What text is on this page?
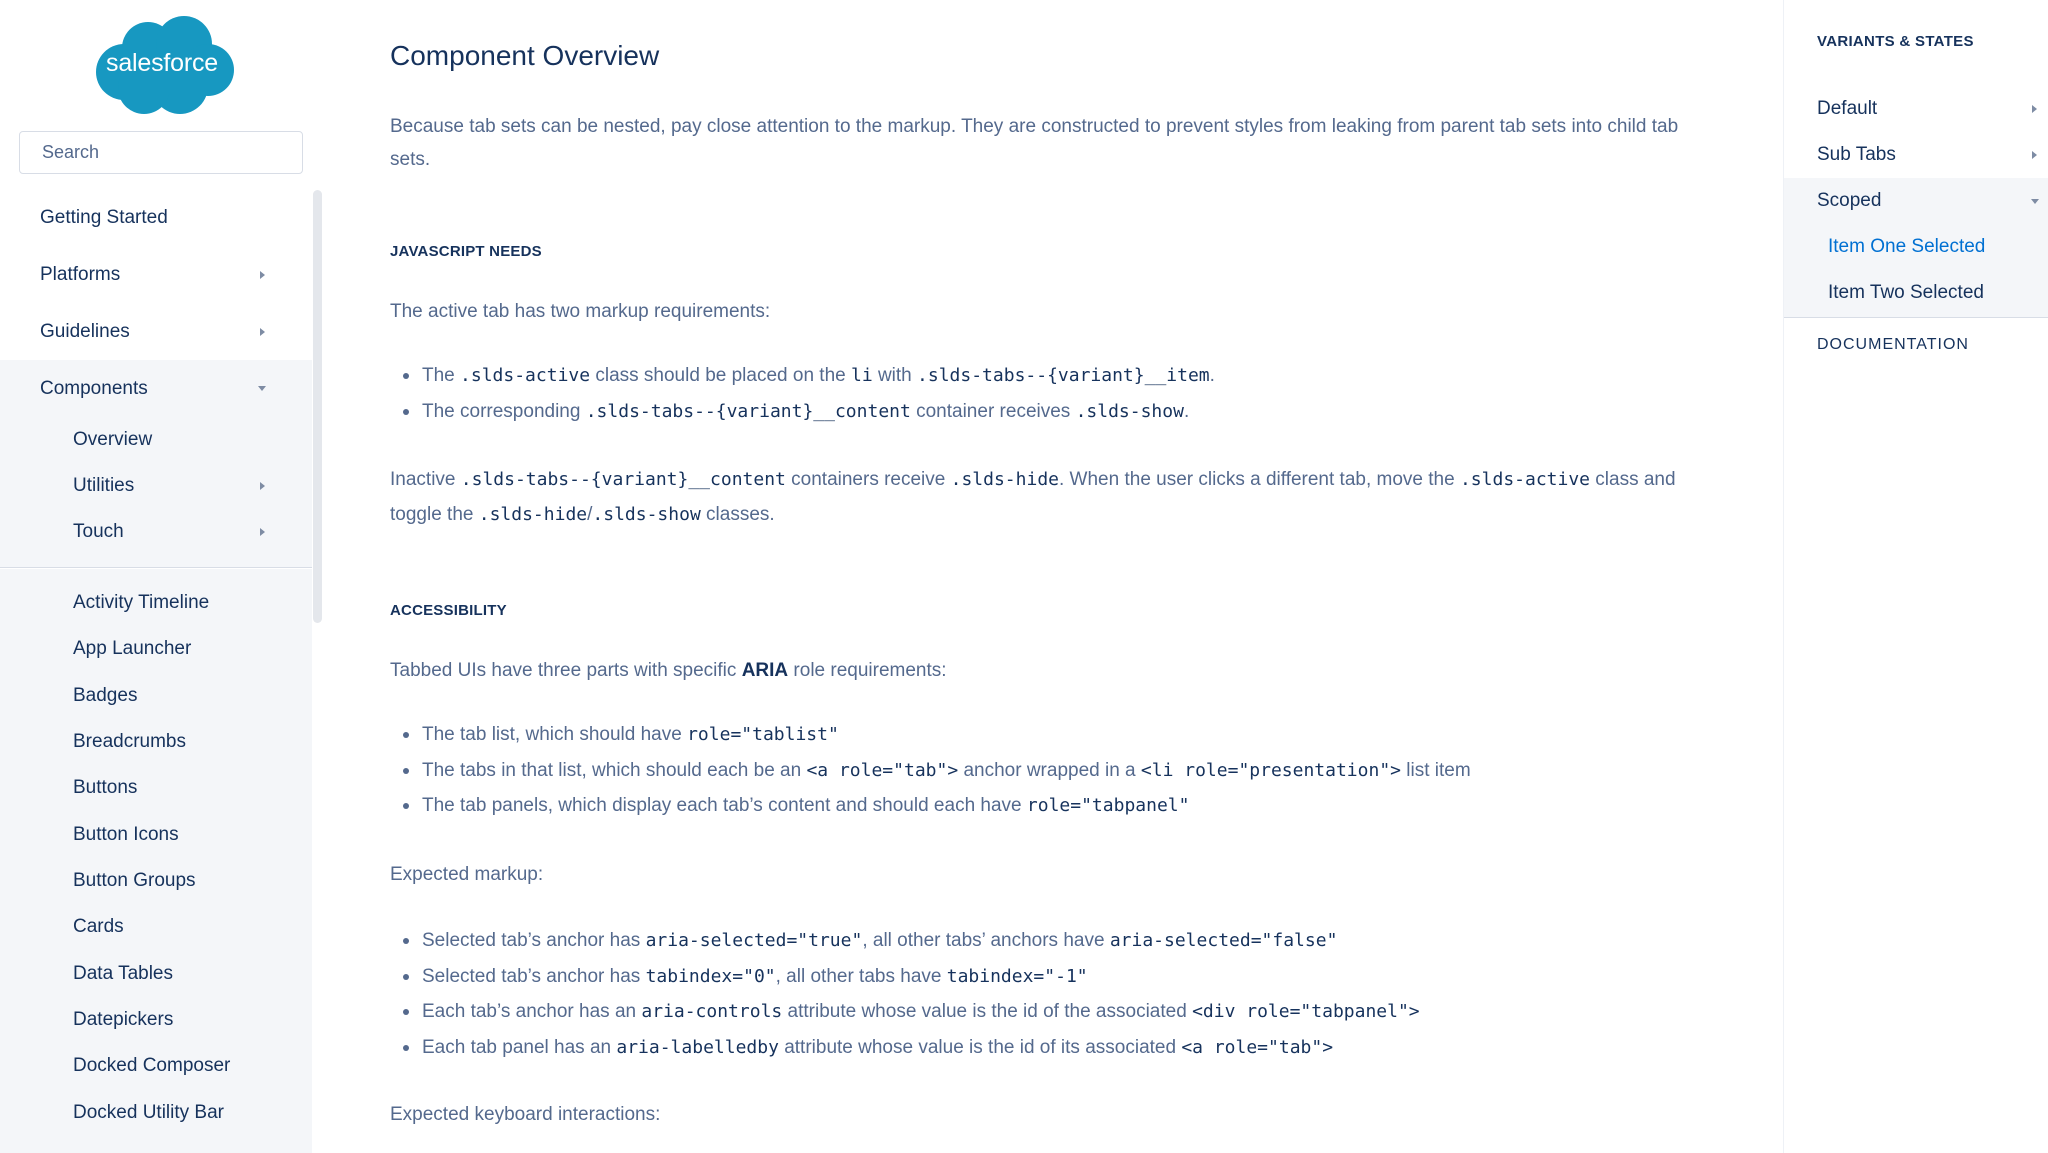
salesforce
Search
Getting Started
Platforms
Guidelines
Components
Overview
Utilities
Touch
Activity Timeline
App Launcher
Badges
Breadcrumbs
Buttons
Button Icons
Button Groups
Cards
Data Tables
Datepickers
Docked Composer
Docked Utility Bar
Component Overview

Because tab sets can be nested, pay close attention to the markup. They are constructed to prevent styles from leaking from parent tab sets into child tab sets.

JAVASCRIPT NEEDS

The active tab has two markup requirements:

The .slds-active class should be placed on the li with .slds-tabs--{variant}__item.
The corresponding .slds-tabs--{variant}__content container receives .slds-show.

Inactive .slds-tabs--{variant}__content containers receive .slds-hide. When the user clicks a different tab, move the .slds-active class and toggle the .slds-hide/.slds-show classes.

ACCESSIBILITY

Tabbed UIs have three parts with specific ARIA role requirements:

The tab list, which should have role="tablist"
The tabs in that list, which should each be an <a role="tab"> anchor wrapped in a <li role="presentation"> list item
The tab panels, which display each tab’s content and should each have role="tabpanel"

Expected markup:

Selected tab’s anchor has aria-selected="true", all other tabs’ anchors have aria-selected="false"
Selected tab’s anchor has tabindex="0", all other tabs have tabindex="-1"
Each tab’s anchor has an aria-controls attribute whose value is the id of the associated <div role="tabpanel">
Each tab panel has an aria-labelledby attribute whose value is the id of its associated <a role="tab">

Expected keyboard interactions:

VARIANTS & STATES
Default
Sub Tabs
Scoped
Item One Selected
Item Two Selected
DOCUMENTATION
